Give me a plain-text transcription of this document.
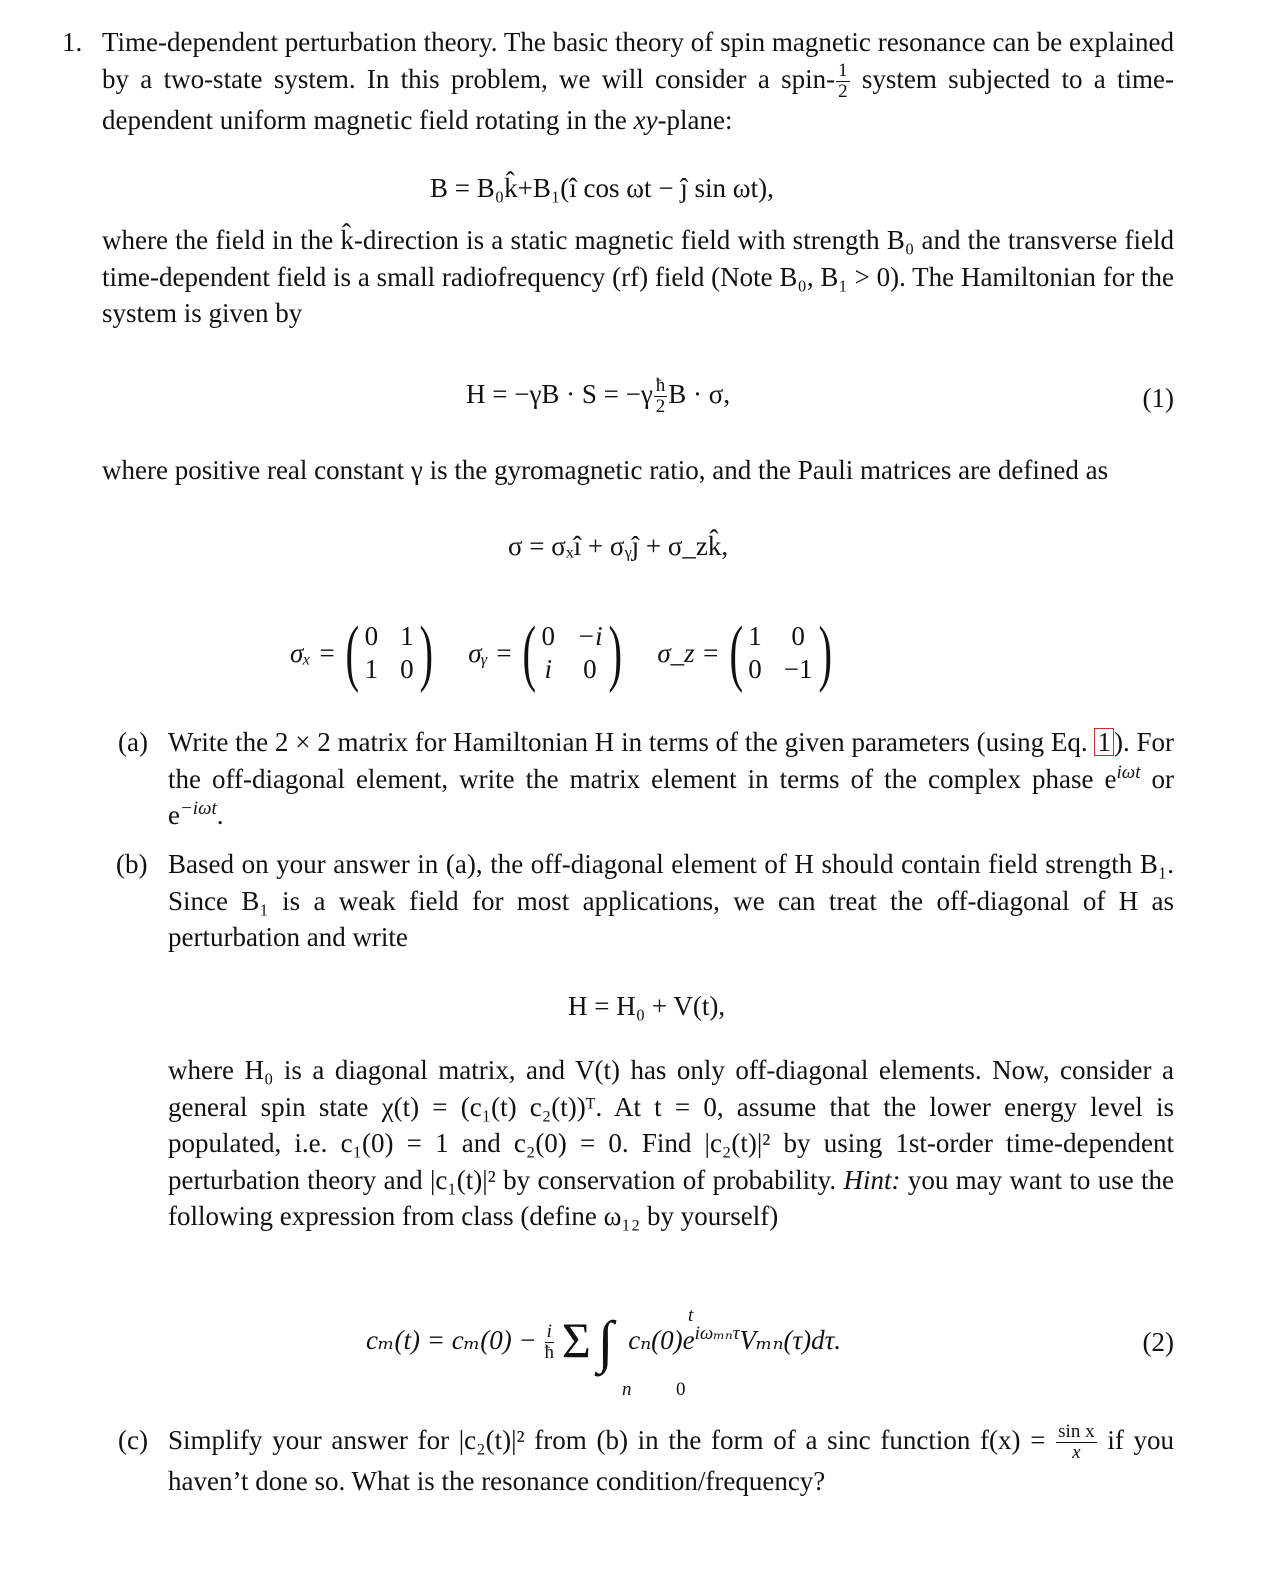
1. Time-dependent perturbation theory. The basic theory of spin magnetic resonance can be explained by a two-state system. In this problem, we will consider a spin- $\frac{1}{2}$ system subjected to a time-dependent uniform magnetic field rotating in the xy-plane:
B = B₀k̂+B₁(î cos ωt − ĵ sin ωt),
where the field in the k̂-direction is a static magnetic field with strength B₀ and the transverse field time-dependent field is a small radiofrequency (rf) field (Note B₀, B₁ > 0). The Hamiltonian for the system is given by
$H = -\gamma B \cdot S = -\gamma \frac{ħ}{2}$ B · σ,	(1)
where positive real constant γ is the gyromagnetic ratio, and the Pauli matrices are defined as
σ = σₓî + σᵧĵ + σ_zk̂,
σₓ = ( 0 1
1 0 ) σᵧ = ( 0 −i
i 0 ) σ_z = ( 1 0
0 −1 )
(a) Write the 2 × 2 matrix for Hamiltonian H in terms of the given parameters (using Eq. 1 ). For the off-diagonal element, write the matrix element in terms of the complex phase $e^{i\omega t}$ or $e^{-i\omega t}$.
(b) Based on your answer in (a), the off-diagonal element of H should contain field strength B₁. Since B₁ is a weak field for most applications, we can treat the off-diagonal of H as perturbation and write
H = H₀ + V(t),
where H₀ is a diagonal matrix, and V(t) has only off-diagonal elements. Now, consider a general spin state χ(t) = (c₁(t) c₂(t))ᵀ. At t = 0, assume that the lower energy level is populated, i.e. c₁(0) = 1 and c₂(0) = 0. Find |c₂(t)|² by using 1st-order time-dependent perturbation theory and |c₁(t)|² by conservation of probability. Hint: you may want to use the following expression from class (define ω₁₂ by yourself)
$c_m(t) = c_m(0) - \frac{i}{ħ}$ Σ ∫ $c_n(0)e^{i\omega_{mn}\tau}V_{mn}(\tau)d\tau$.
n 0
t
(2)
(c) Simplify your answer for |c₂(t)|² from (b) in the form of a sinc function $f(x) = \frac{\text{sin x}}{x}$ if you haven’t done so. What is the resonance condition/frequency?
